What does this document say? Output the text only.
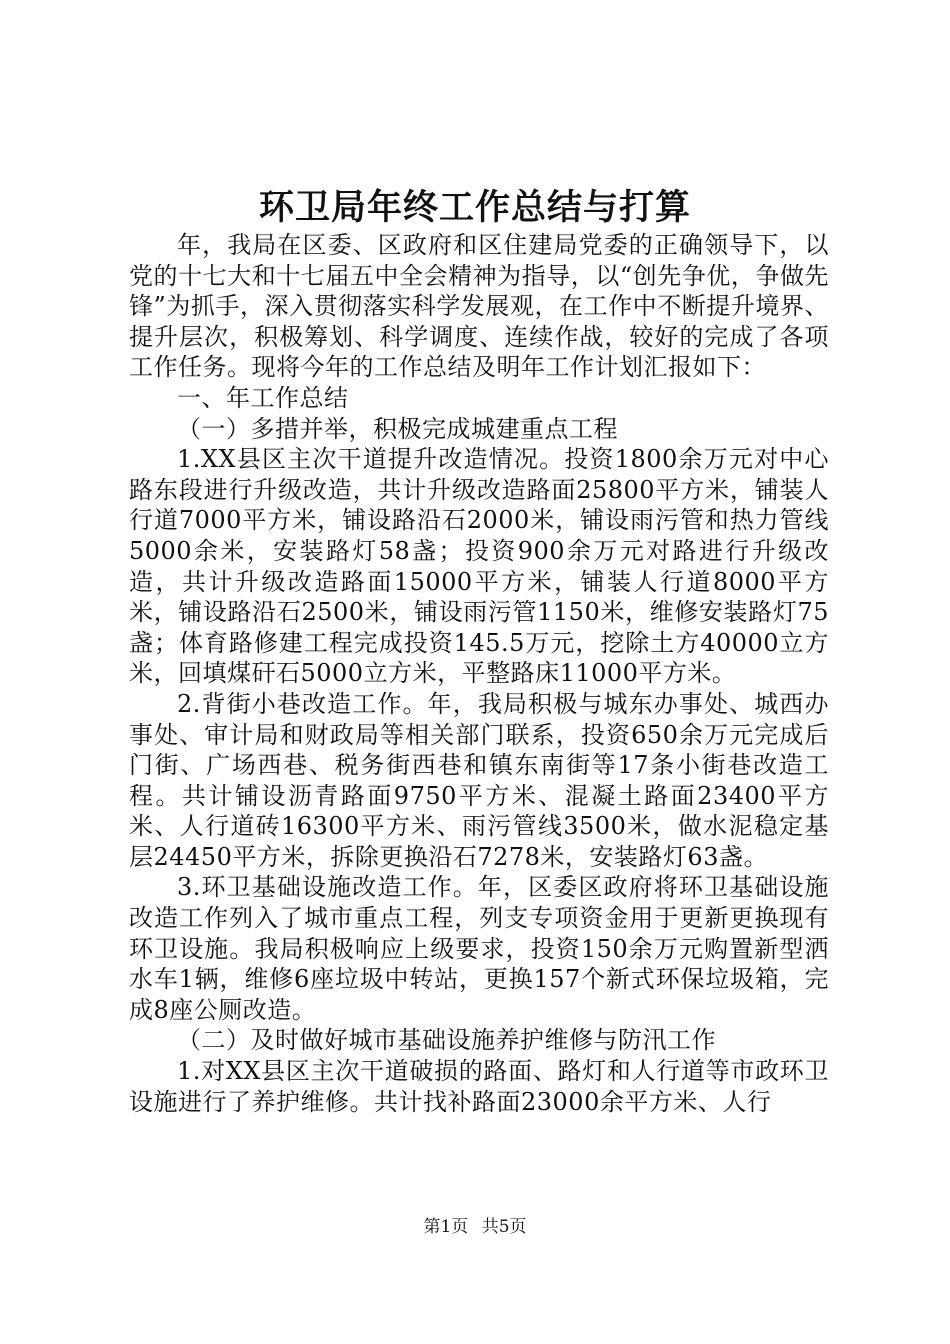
环卫局年终工作总结与打算

年，我局在区委、区政府和区住建局党委的正确领导下，以党的十七大和十七届五中全会精神为指导，以“创先争优，争做先锋”为抓手，深入贯彻落实科学发展观，在工作中不断提升境界、提升层次，积极筹划、科学调度、连续作战，较好的完成了各项工作任务。现将今年的工作总结及明年工作计划汇报如下：

一、年工作总结

（一）多措并举，积极完成城建重点工程

1.XX县区主次干道提升改造情况。投资1800余万元对中心路东段进行升级改造，共计升级改造路面25800平方米，铺装人行道7000平方米，铺设路沿石2000米，铺设雨污管和热力管线5000余米，安装路灯58盏；投资900余万元对路进行升级改造，共计升级改造路面15000平方米，铺装人行道8000平方米，铺设路沿石2500米，铺设雨污管1150米，维修安装路灯75盏；体育路修建工程完成投资145.5万元，挖除土方40000立方米，回填煤矸石5000立方米，平整路床11000平方米。

2.背街小巷改造工作。年，我局积极与城东办事处、城西办事处、审计局和财政局等相关部门联系，投资650余万元完成后门街、广场西巷、税务街西巷和镇东南街等17条小街巷改造工程。共计铺设沥青路面9750平方米、混凝土路面23400平方米、人行道砖16300平方米、雨污管线3500米，做水泥稳定基层24450平方米，拆除更换沿石7278米，安装路灯63盏。

3.环卫基础设施改造工作。年，区委区政府将环卫基础设施改造工作列入了城市重点工程，列支专项资金用于更新更换现有环卫设施。我局积极响应上级要求，投资150余万元购置新型洒水车1辆，维修6座垃圾中转站，更换157个新式环保垃圾箱，完成8座公厕改造。

（二）及时做好城市基础设施养护维修与防汛工作

1.对XX县区主次干道破损的路面、路灯和人行道等市政环卫设施进行了养护维修。共计找补路面23000余平方米、人行

第1页 共5页
